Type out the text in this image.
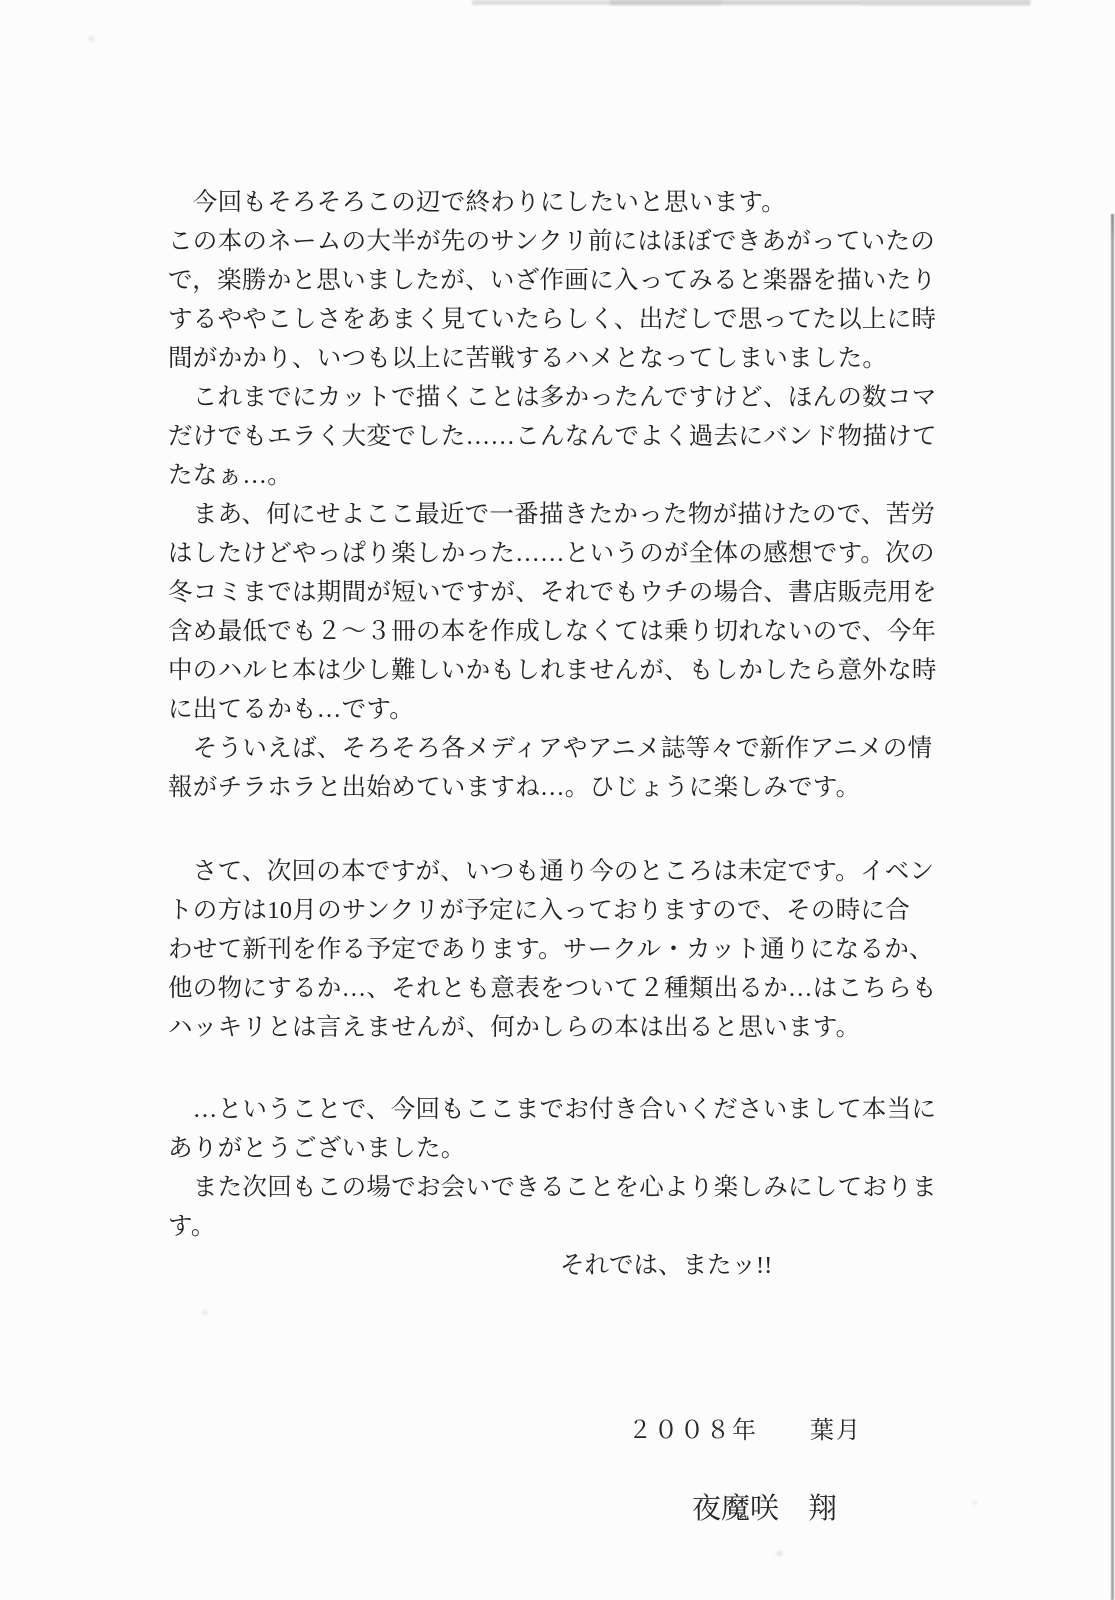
　今回もそろそろこの辺で終わりにしたいと思います。
この本のネームの大半が先のサンクリ前にはほぼできあがっていたの
で，楽勝かと思いましたが、いざ作画に入ってみると楽器を描いたり
するややこしさをあまく見ていたらしく、出だしで思ってた以上に時
間がかかり、いつも以上に苦戦するハメとなってしまいました。
　これまでにカットで描くことは多かったんですけど、ほんの数コマ
だけでもエラく大変でした……こんなんでよく過去にバンド物描けて
たなぁ…。
　まあ、何にせよここ最近で一番描きたかった物が描けたので、苦労
はしたけどやっぱり楽しかった……というのが全体の感想です。次の
冬コミまでは期間が短いですが、それでもウチの場合、書店販売用を
含め最低でも２～３冊の本を作成しなくては乗り切れないので、今年
中のハルヒ本は少し難しいかもしれませんが、もしかしたら意外な時
に出てるかも…です。
　そういえば、そろそろ各メディアやアニメ誌等々で新作アニメの情
報がチラホラと出始めていますね…。ひじょうに楽しみです。
　さて、次回の本ですが、いつも通り今のところは未定です。イベン
トの方は10月のサンクリが予定に入っておりますので、その時に合
わせて新刊を作る予定であります。サークル・カット通りになるか、
他の物にするか…、それとも意表をついて２種類出るか…はこちらも
ハッキリとは言えませんが、何かしらの本は出ると思います。
　…ということで、今回もここまでお付き合いくださいまして本当に
ありがとうございました。
　また次回もこの場でお会いできることを心より楽しみにしておりま
す。
それでは、またッ!!
２００８年　　葉月
夜魔咲　翔
